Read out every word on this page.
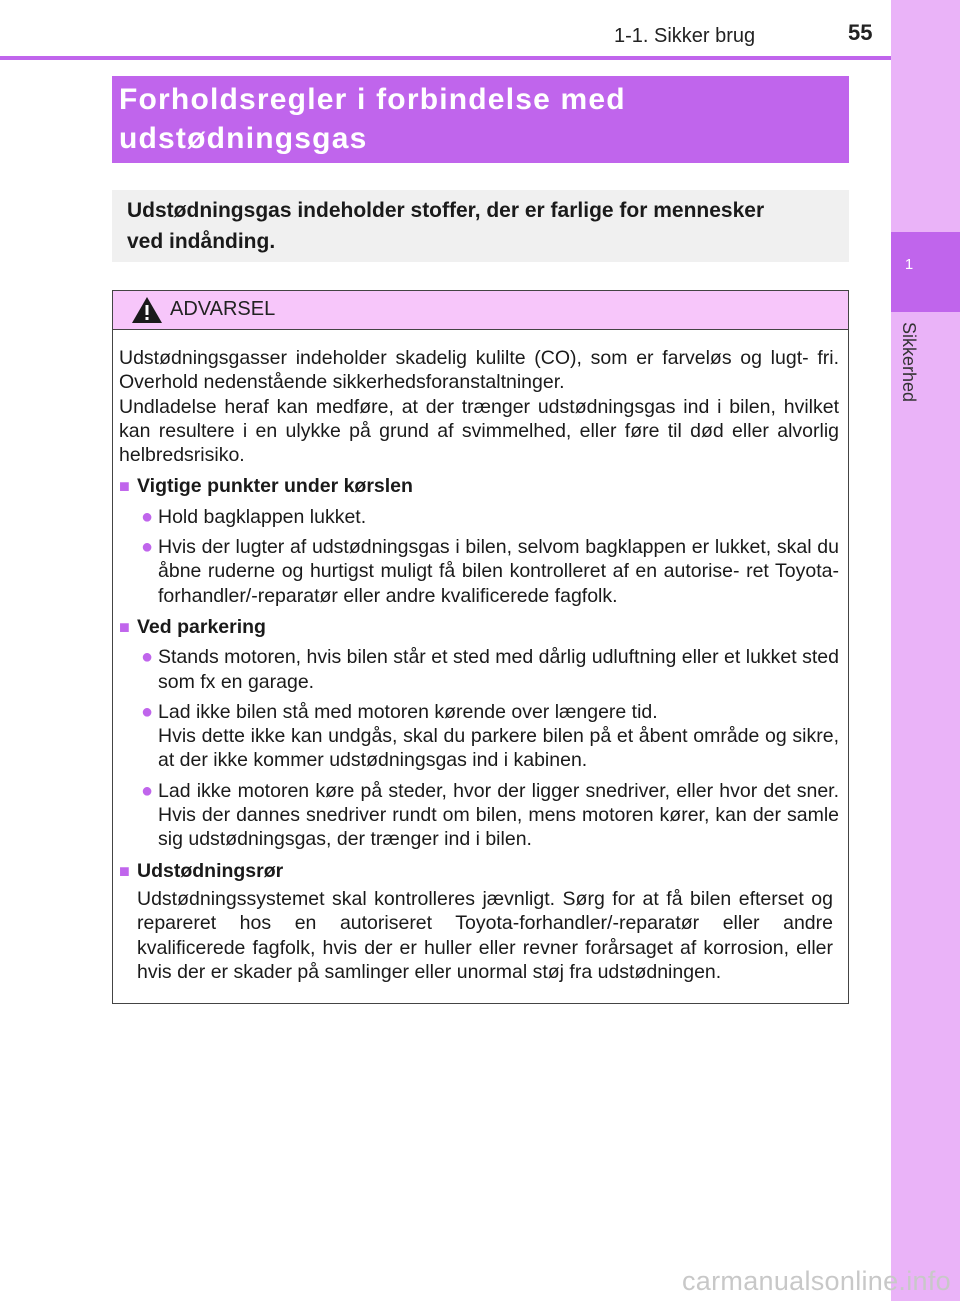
1
Sikkerhed
1-1. Sikker brug	55
Forholdsregler i forbindelse med
udstødningsgas

Udstødningsgas indeholder stoffer, der er farlige for mennesker
ved indånding.

ADVARSEL
Udstødningsgasser indeholder skadelig kulilte (CO), som er farveløs og lugt- fri. Overhold nedenstående sikkerhedsforanstaltninger.
Undladelse heraf kan medføre, at der trænger udstødningsgas ind i bilen, hvilket kan resultere i en ulykke på grund af svimmelhed, eller føre til død eller alvorlig helbredsrisiko.
■ Vigtige punkter under kørslen
● Hold bagklappen lukket.
● Hvis der lugter af udstødningsgas i bilen, selvom bagklappen er lukket, skal du åbne ruderne og hurtigst muligt få bilen kontrolleret af en autorise- ret Toyota-forhandler/-reparatør eller andre kvalificerede fagfolk.
■ Ved parkering
● Stands motoren, hvis bilen står et sted med dårlig udluftning eller et lukket sted som fx en garage.
● Lad ikke bilen stå med motoren kørende over længere tid.
Hvis dette ikke kan undgås, skal du parkere bilen på et åbent område og sikre, at der ikke kommer udstødningsgas ind i kabinen.
● Lad ikke motoren køre på steder, hvor der ligger snedriver, eller hvor det sner. Hvis der dannes snedriver rundt om bilen, mens motoren kører, kan der samle sig udstødningsgas, der trænger ind i bilen.
■ Udstødningsrør
Udstødningssystemet skal kontrolleres jævnligt. Sørg for at få bilen efterset og repareret hos en autoriseret Toyota-forhandler/-reparatør eller andre kvalificerede fagfolk, hvis der er huller eller revner forårsaget af korrosion, eller hvis der er skader på samlinger eller unormal støj fra udstødningen.
carmanualsonline.info
